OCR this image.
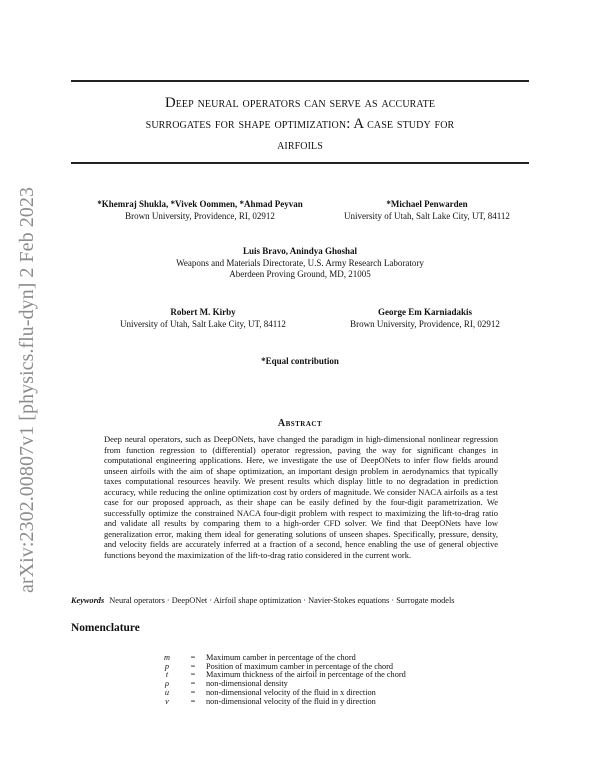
arXiv:2302.00807v1 [physics.flu-dyn] 2 Feb 2023
Deep neural operators can serve as accurate
surrogates for shape optimization: A case study for
airfoils
*Khemraj Shukla, *Vivek Oommen, *Ahmad Peyvan
Brown University, Providence, RI, 02912
*Michael Penwarden
University of Utah, Salt Lake City, UT, 84112
Luis Bravo, Anindya Ghoshal
Weapons and Materials Directorate, U.S. Army Research Laboratory
Aberdeen Proving Ground, MD, 21005
Robert M. Kirby
University of Utah, Salt Lake City, UT, 84112
George Em Karniadakis
Brown University, Providence, RI, 02912
*Equal contribution
Abstract
Deep neural operators, such as DeepONets, have changed the paradigm in high-dimensional nonlinear regression from function regression to (differential) operator regression, paving the way for significant changes in computational engineering applications. Here, we investigate the use of DeepONets to infer flow fields around unseen airfoils with the aim of shape optimization, an important design problem in aerodynamics that typically taxes computational resources heavily. We present results which display little to no degradation in prediction accuracy, while reducing the online optimization cost by orders of magnitude. We consider NACA airfoils as a test case for our proposed approach, as their shape can be easily defined by the four-digit parametrization. We successfully optimize the constrained NACA four-digit problem with respect to maximizing the lift-to-drag ratio and validate all results by comparing them to a high-order CFD solver. We find that DeepONets have low generalization error, making them ideal for generating solutions of unseen shapes. Specifically, pressure, density, and velocity fields are accurately inferred at a fraction of a second, hence enabling the use of general objective functions beyond the maximization of the lift-to-drag ratio considered in the current work.
Keywords Neural operators · DeepONet · Airfoil shape optimization · Navier-Stokes equations · Surrogate models
Nomenclature
m	=	Maximum camber in percentage of the chord
p	=	Position of maximum camber in percentage of the chord
t	=	Maximum thickness of the airfoil in percentage of the chord
ρ	=	non-dimensional density
u	=	non-dimensional velocity of the fluid in x direction
v	=	non-dimensional velocity of the fluid in y direction
